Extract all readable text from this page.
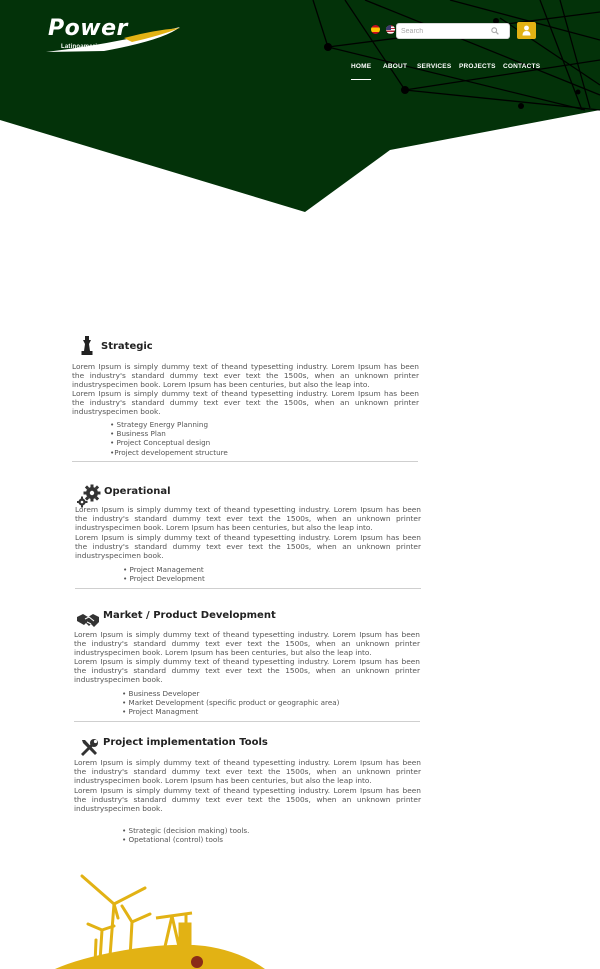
Power
Latinoamerica Inc.
Search
HOME ABOUT SERVICES PROJECTS CONTACTS
Strategic
Lorem Ipsum is simply dummy text of theand typesetting industry. Lorem Ipsum has been the industry's standard dummy text ever text the 1500s, when an unknown printer industryspecimen book. Lorem Ipsum has been centuries, but also the leap into.
Lorem Ipsum is simply dummy text of theand typesetting industry. Lorem Ipsum has been the industry's standard dummy text ever text the 1500s, when an unknown printer industryspecimen book.
• Strategy Energy Planning
• Business Plan
• Project Conceptual design
•Project developement structure
Operational
Lorem Ipsum is simply dummy text of theand typesetting industry. Lorem Ipsum has been the industry's standard dummy text ever text the 1500s, when an unknown printer industryspecimen book. Lorem Ipsum has been centuries, but also the leap into.
Lorem Ipsum is simply dummy text of theand typesetting industry. Lorem Ipsum has been the industry's standard dummy text ever text the 1500s, when an unknown printer industryspecimen book.
• Project Management
• Project Development
Market / Product Development
Lorem Ipsum is simply dummy text of theand typesetting industry. Lorem Ipsum has been the industry's standard dummy text ever text the 1500s, when an unknown printer industryspecimen book. Lorem Ipsum has been centuries, but also the leap into.
Lorem Ipsum is simply dummy text of theand typesetting industry. Lorem Ipsum has been the industry's standard dummy text ever text the 1500s, when an unknown printer industryspecimen book.
• Business Developer
• Market Development (specific product or geographic area)
• Project Managment
Project implementation Tools
Lorem Ipsum is simply dummy text of theand typesetting industry. Lorem Ipsum has been the industry's standard dummy text ever text the 1500s, when an unknown printer industryspecimen book. Lorem Ipsum has been centuries, but also the leap into.
Lorem Ipsum is simply dummy text of theand typesetting industry. Lorem Ipsum has been the industry's standard dummy text ever text the 1500s, when an unknown printer industryspecimen book.
• Strategic (decision making) tools.
• Opetational (control) tools
